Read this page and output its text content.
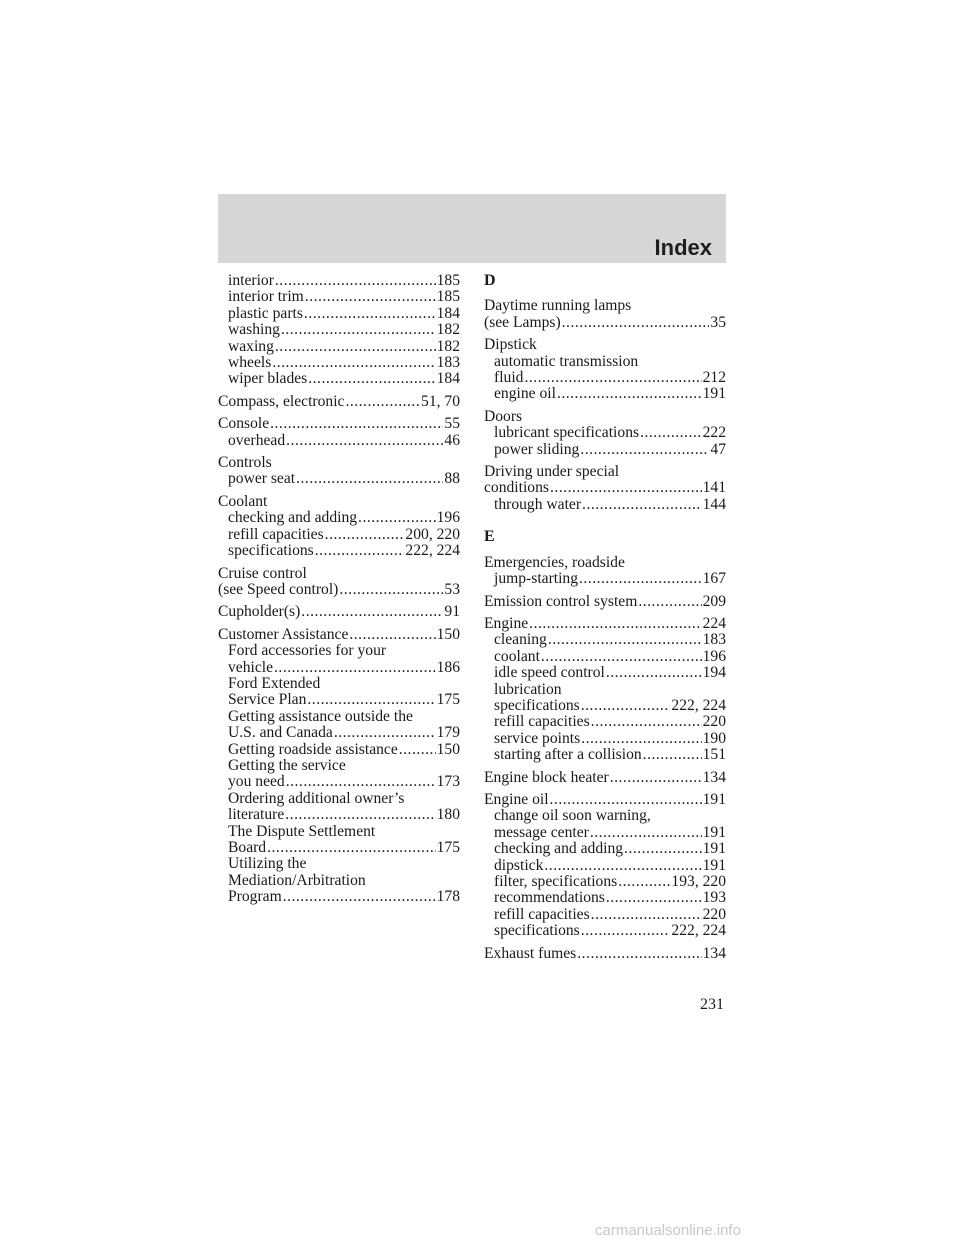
Index
interior .....	185
interior trim .....	185
plastic parts .....	184
washing .....	182
waxing .....	182
wheels .....	183
wiper blades .....	184
Compass, electronic .....	51, 70
Console .....	55
overhead .....	46
Controls
power seat .....	88
Coolant
checking and adding .....	196
refill capacities .....	200, 220
specifications .....	222, 224
Cruise control
(see Speed control) .....	53
Cupholder(s) .....	91
Customer Assistance .....	150
Ford accessories for your
vehicle .....	186
Ford Extended
Service Plan .....	175
Getting assistance outside the
U.S. and Canada .....	179
Getting roadside assistance ..... 150
Getting the service
you need .....	173
Ordering additional owner’s
literature .....	180
The Dispute Settlement
Board .....	175
Utilizing the
Mediation/Arbitration
Program .....	178
D
Daytime running lamps
(see Lamps) .....	35
Dipstick
automatic transmission
fluid .....	212
engine oil .....	191
Doors
lubricant specifications .....	222
power sliding .....	47
Driving under special
conditions .....	141
through water .....	144
E
Emergencies, roadside
jump-starting .....	167
Emission control system .....	209
Engine .....	224
cleaning .....	183
coolant .....	196
idle speed control .....	194
lubrication
specifications .....	222, 224
refill capacities .....	220
service points .....	190
starting after a collision .....	151
Engine block heater .....	134
Engine oil .....	191
change oil soon warning,
message center .....	191
checking and adding .....	191
dipstick .....	191
filter, specifications .....	193, 220
recommendations .....	193
refill capacities .....	220
specifications .....	222, 224
Exhaust fumes .....	134
231
carmanualsonline.info
